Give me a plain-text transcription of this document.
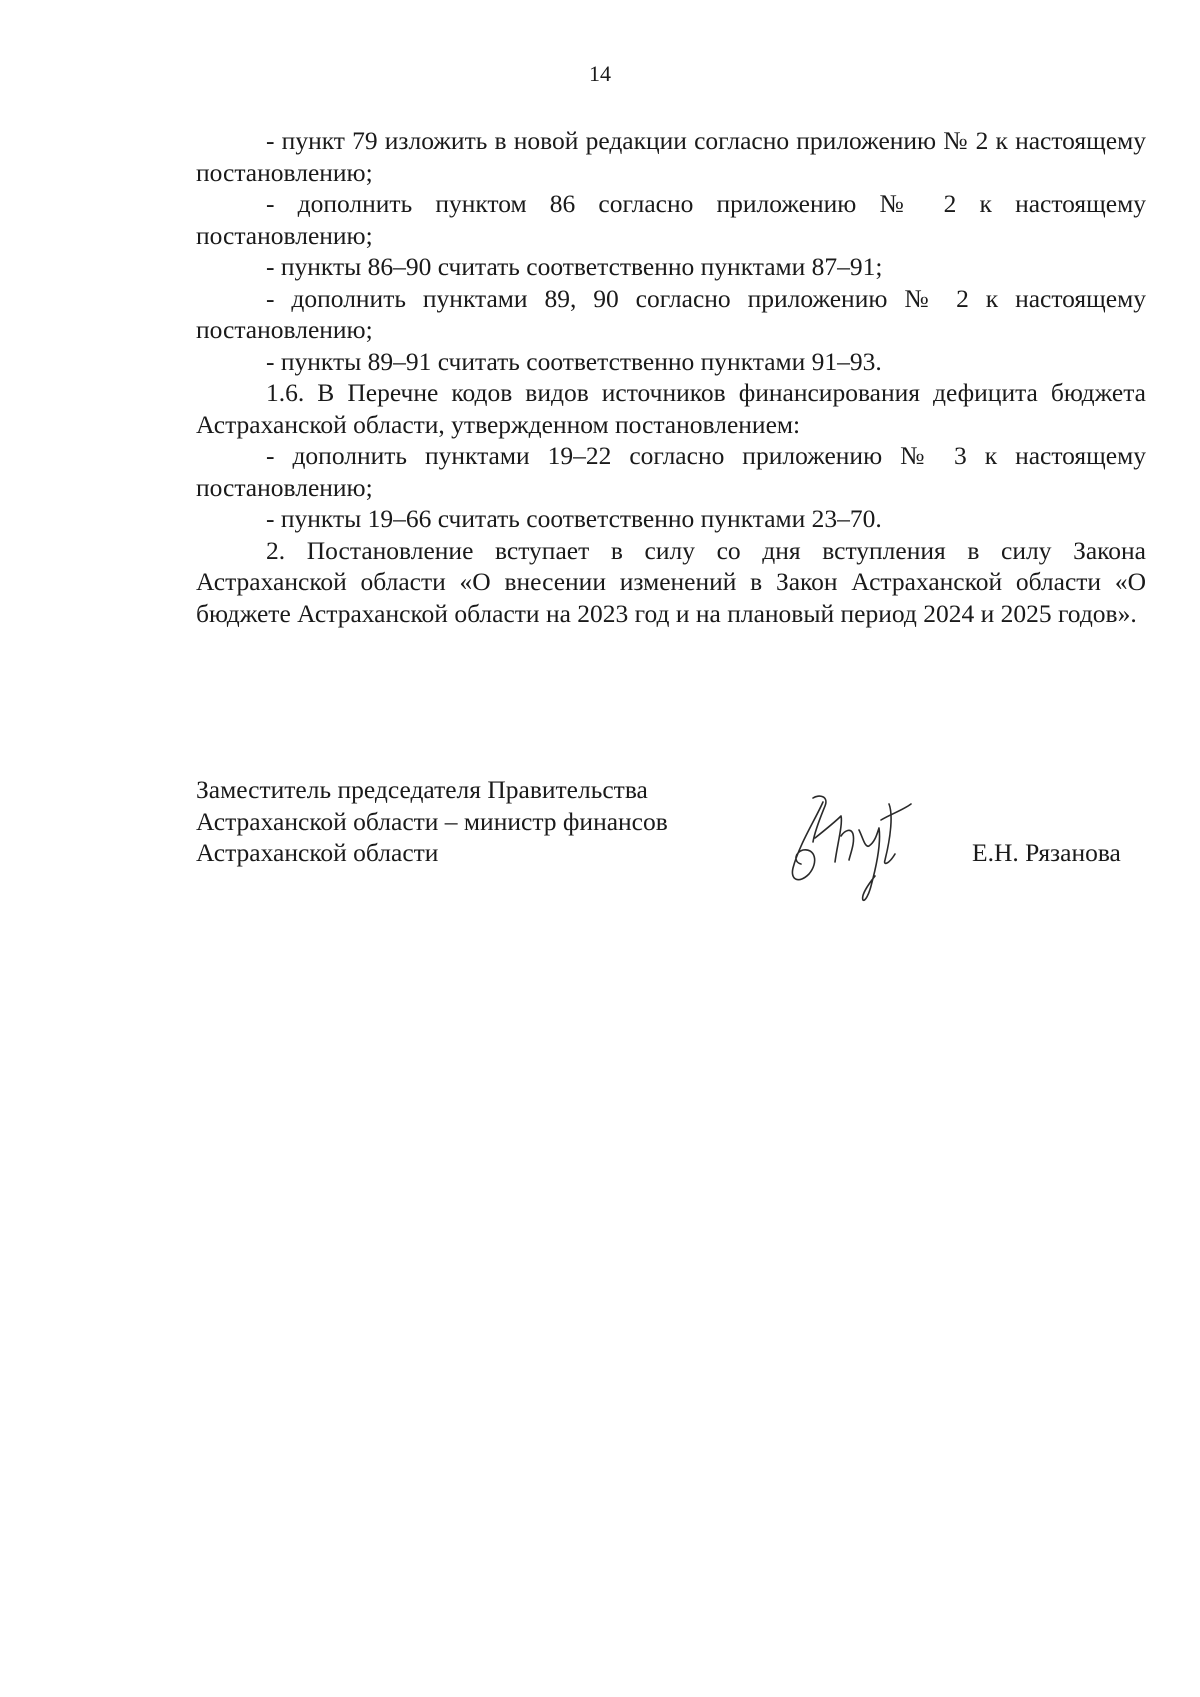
14

- пункт 79 изложить в новой редакции согласно приложению № 2 к настоящему постановлению;

- дополнить пунктом 86 согласно приложению № 2 к настоящему постановлению;

- пункты 86–90 считать соответственно пунктами 87–91;

- дополнить пунктами 89, 90 согласно приложению № 2 к настоящему постановлению;

- пункты 89–91 считать соответственно пунктами 91–93.

1.6. В Перечне кодов видов источников финансирования дефицита бюджета Астраханской области, утвержденном постановлением:

- дополнить пунктами 19–22 согласно приложению № 3 к настоящему постановлению;

- пункты 19–66 считать соответственно пунктами 23–70.

2. Постановление вступает в силу со дня вступления в силу Закона Астраханской области «О внесении изменений в Закон Астраханской области «О бюджете Астраханской области на 2023 год и на плановый период 2024 и 2025 годов».

Заместитель председателя Правительства
Астраханской области – министр финансов
Астраханской области	Е.Н. Рязанова
